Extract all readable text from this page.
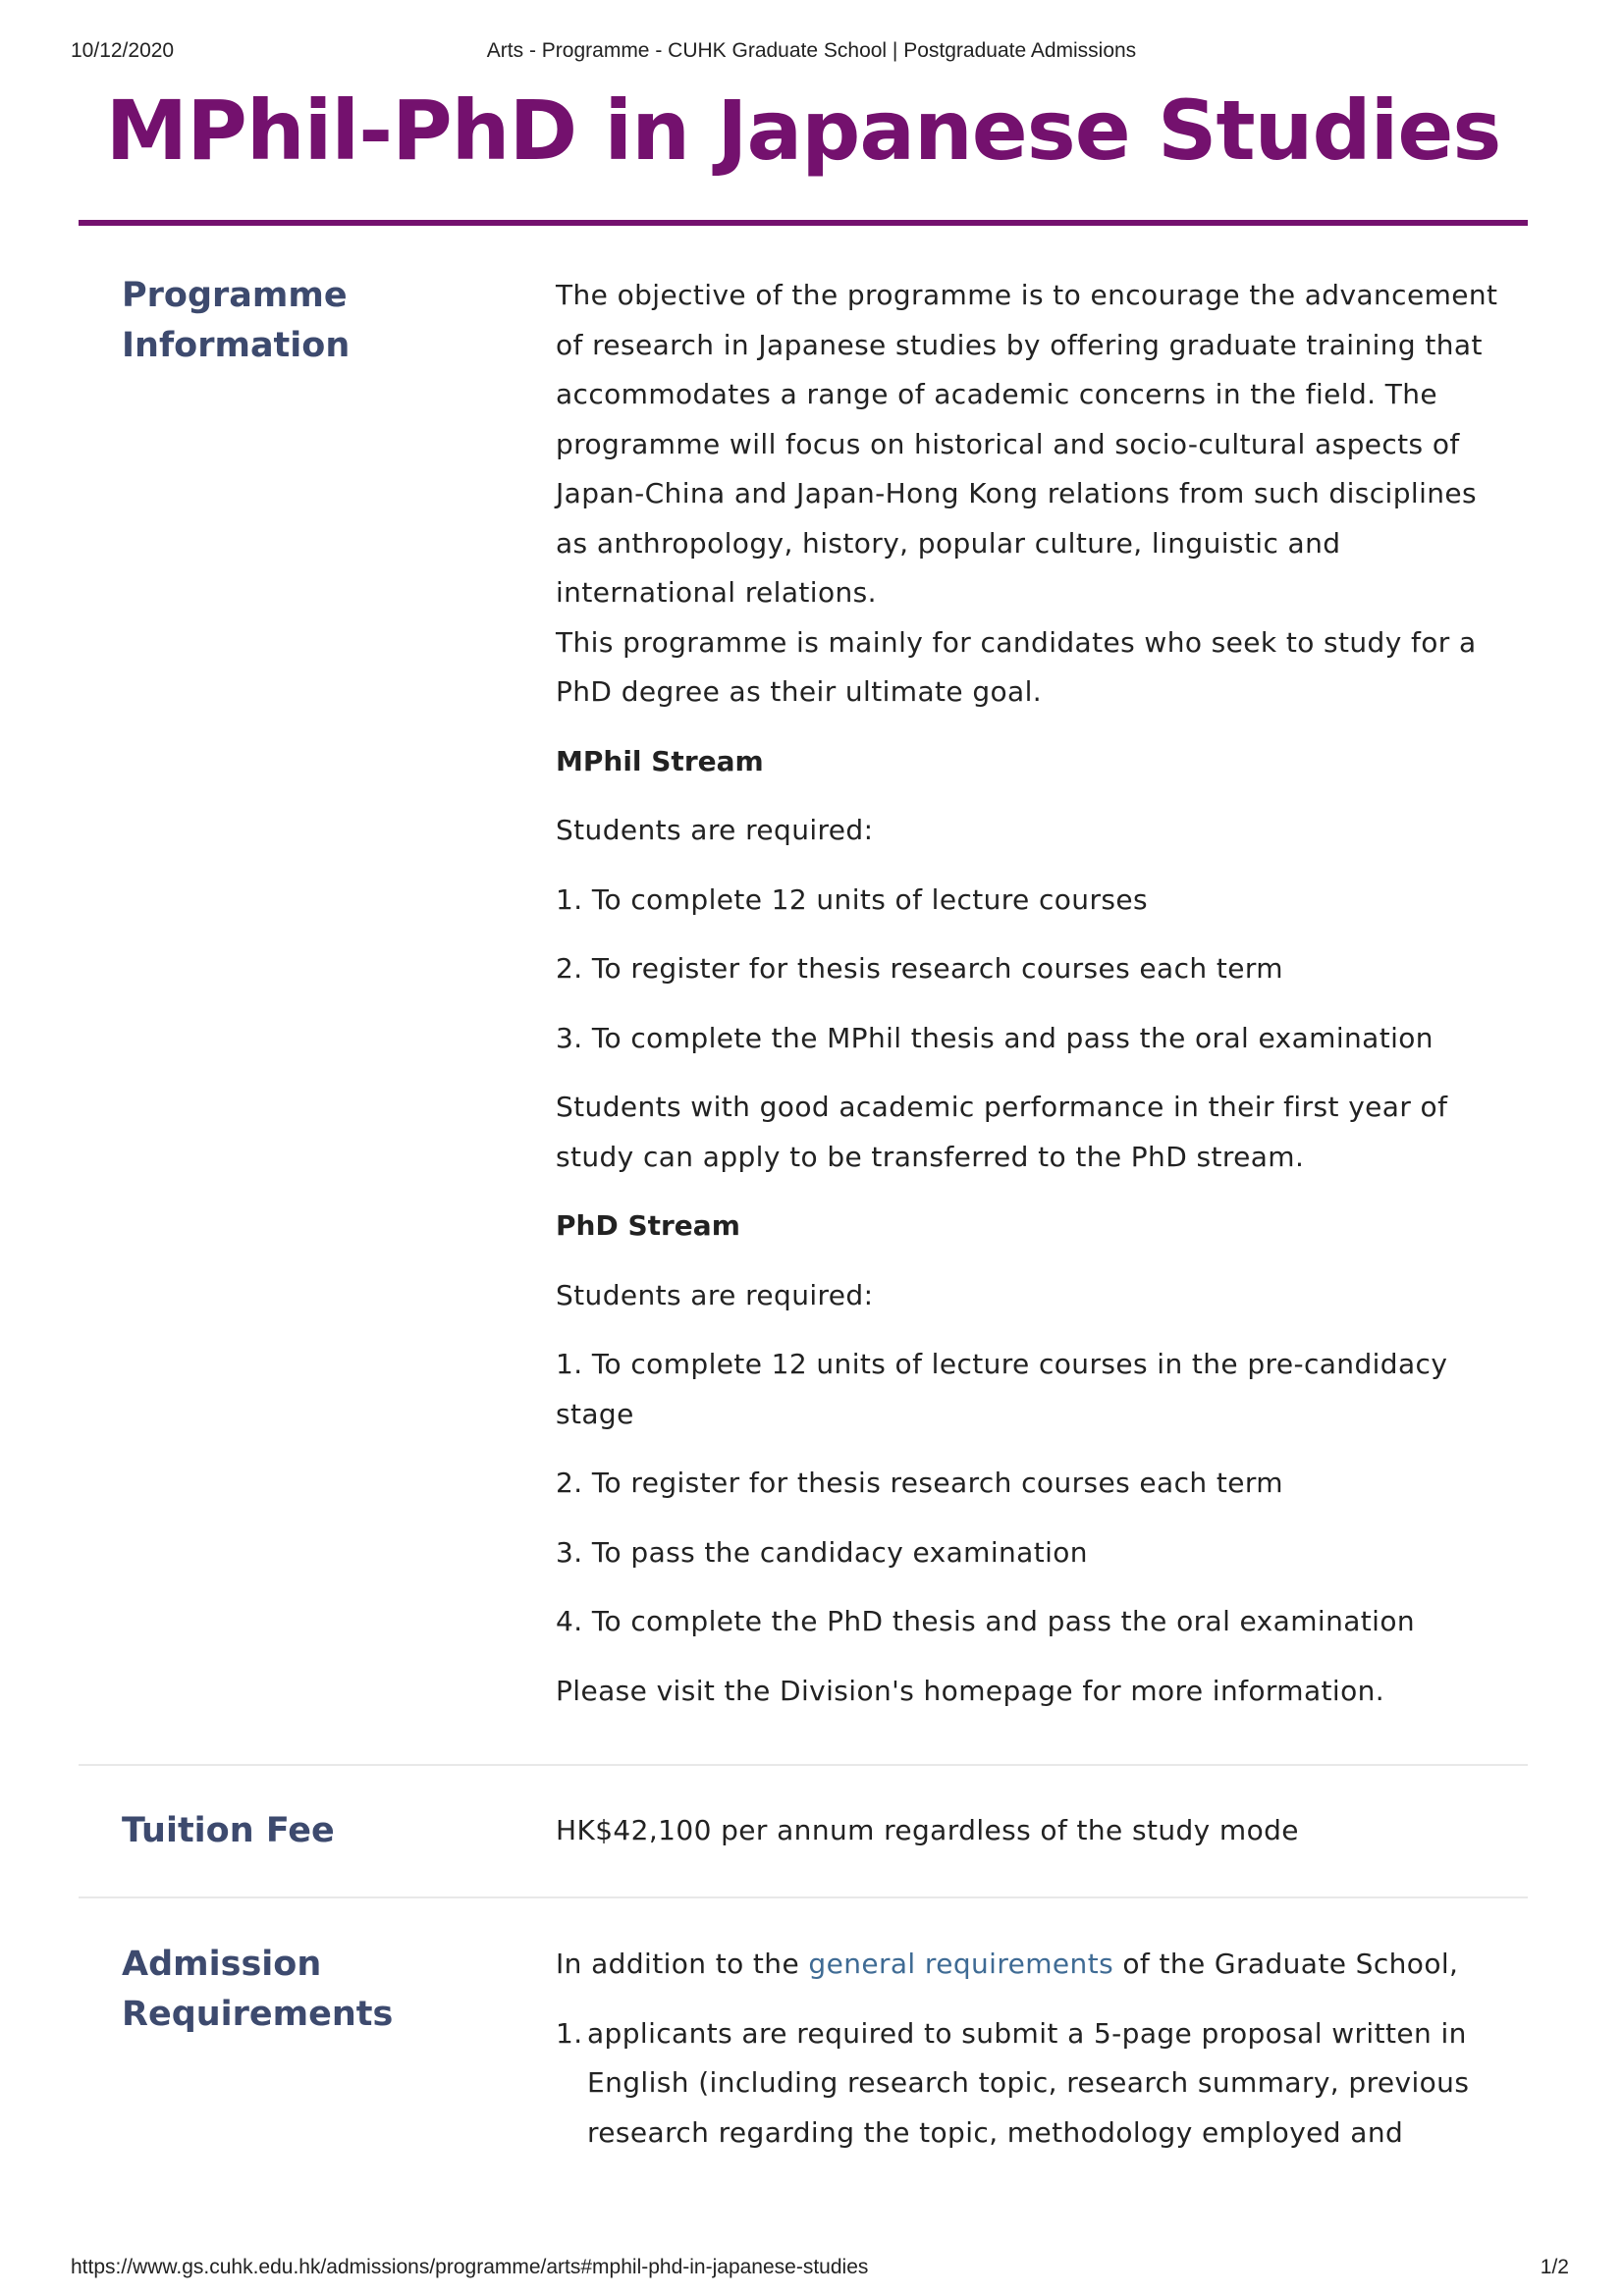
10/12/2020	Arts - Programme - CUHK Graduate School | Postgraduate Admissions
MPhil-PhD in Japanese Studies
Programme
Information

The objective of the programme is to encourage the advancement of research in Japanese studies by offering graduate training that accommodates a range of academic concerns in the field. The programme will focus on historical and socio-cultural aspects of Japan-China and Japan-Hong Kong relations from such disciplines as anthropology, history, popular culture, linguistic and international relations.

This programme is mainly for candidates who seek to study for a PhD degree as their ultimate goal.

MPhil Stream

Students are required:

1. To complete 12 units of lecture courses

2. To register for thesis research courses each term

3. To complete the MPhil thesis and pass the oral examination

Students with good academic performance in their first year of study can apply to be transferred to the PhD stream.

PhD Stream

Students are required:

1. To complete 12 units of lecture courses in the pre-candidacy stage

2. To register for thesis research courses each term

3. To pass the candidacy examination

4. To complete the PhD thesis and pass the oral examination

Please visit the Division's homepage for more information.

Tuition Fee	HK$42,100 per annum regardless of the study mode

Admission
Requirements

In addition to the general requirements of the Graduate School,

1. applicants are required to submit a 5-page proposal written in English (including research topic, research summary, previous research regarding the topic, methodology employed and
https://www.gs.cuhk.edu.hk/admissions/programme/arts#mphil-phd-in-japanese-studies	1/2
